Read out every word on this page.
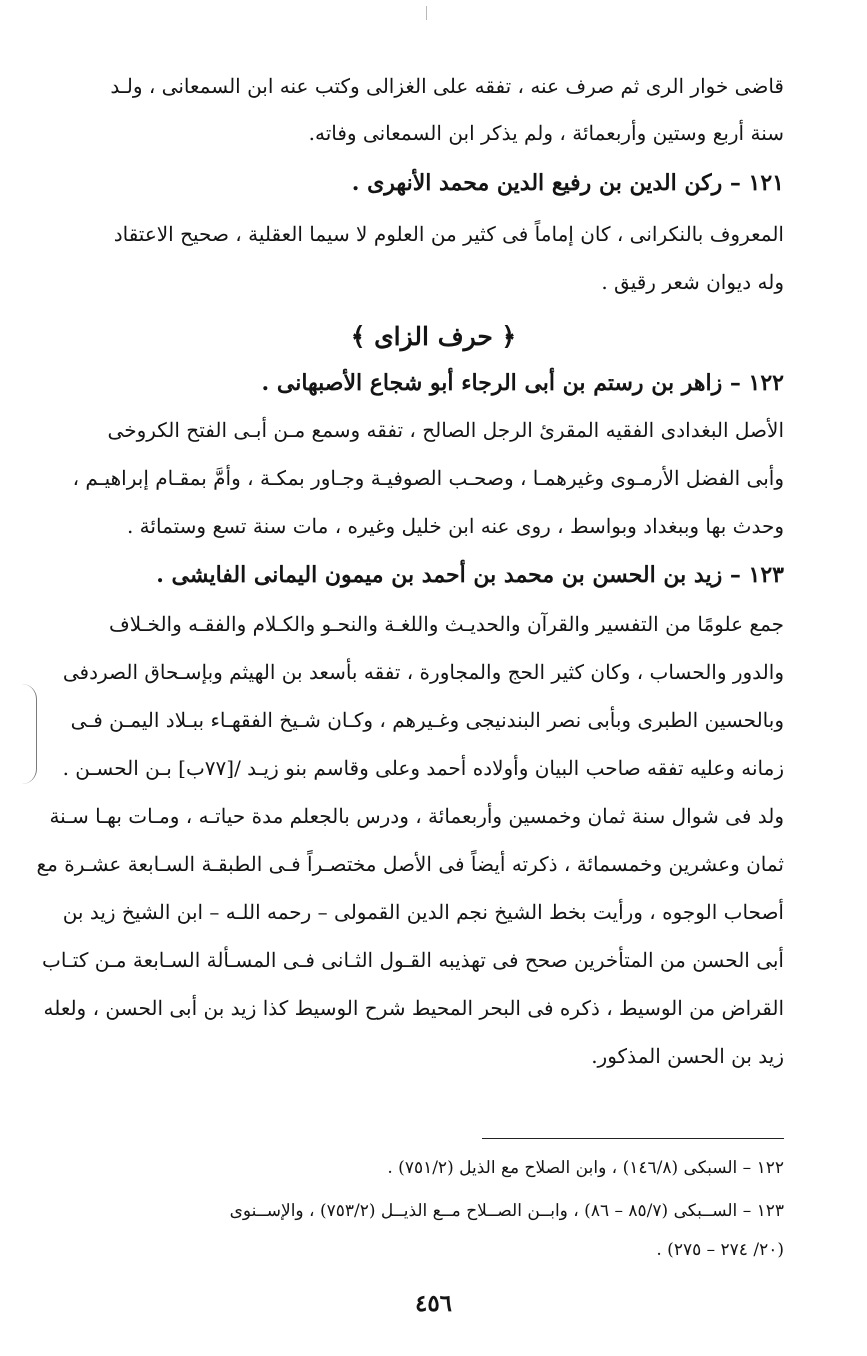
قاضى خوار الرى ثم صرف عنه ، تفقه على الغزالى وكتب عنه ابن السمعانى ، ولـد
سنة أربع وستين وأربعمائة ، ولم يذكر ابن السمعانى وفاته.
١٢١ – ركن الدين بن رفيع الدين محمد الأنهرى .
المعروف بالنكرانى ، كان إماماً فى كثير من العلوم لا سيما العقلية ، صحيح الاعتقاد
وله ديوان شعر رقيق .
﴿ حرف الزاى ﴾
١٢٢ – زاهر بن رستم بن أبى الرجاء أبو شجاع الأصبهانى .
الأصل البغدادى الفقيه المقرئ الرجل الصالح ، تفقه وسمع مـن أبـى الفتح الكروخى
وأبى الفضل الأرمـوى وغيرهمـا ، وصحـب الصوفيـة وجـاور بمكـة ، وأمَّ بمقـام إبراهيـم ،
وحدث بها وببغداد وبواسط ، روى عنه ابن خليل وغيره ، مات سنة تسع وستمائة .
١٢٣ – زيد بن الحسن بن محمد بن أحمد بن ميمون اليمانى الفايشى .
جمع علومًا من التفسير والقرآن والحديـث واللغـة والنحـو والكـلام والفقـه والخـلاف
والدور والحساب ، وكان كثير الحج والمجاورة ، تفقه بأسعد بن الهيثم وبإسـحاق الصردفى
وبالحسين الطبرى وبأبى نصر البندنيجى وغـيرهم ، وكـان شـيخ الفقهـاء ببـلاد اليمـن فـى
زمانه وعليه تفقه صاحب البيان وأولاده أحمد وعلى وقاسم بنو زيـد /[٧٧ب] بـن الحسـن .
ولد فى شوال سنة ثمان وخمسين وأربعمائة ، ودرس بالجعلم مدة حياتـه ، ومـات بهـا سـنة
ثمان وعشرين وخمسمائة ، ذكرته أيضاً فى الأصل مختصـراً فـى الطبقـة السـابعة عشـرة مع
أصحاب الوجوه ، ورأيت بخط الشيخ نجم الدين القمولى – رحمه اللـه – ابن الشيخ زيد بن
أبى الحسن من المتأخرين صحح فى تهذيبه القـول الثـانى فـى المسـألة السـابعة مـن كتـاب
القراض من الوسيط ، ذكره فى البحر المحيط شرح الوسيط كذا زيد بن أبى الحسن ، ولعله
زيد بن الحسن المذكور.
١٢٢ – السبكى (١٤٦/٨) ، وابن الصلاح مع الذيل (٧٥١/٢) .
١٢٣ – الســبكى (٨٥/٧ – ٨٦) ، وابــن الصــلاح مــع الذيــل (٧٥٣/٢) ، والإســنوى
(٢٠/ ٢٧٤ – ٢٧٥) .
٤٥٦
